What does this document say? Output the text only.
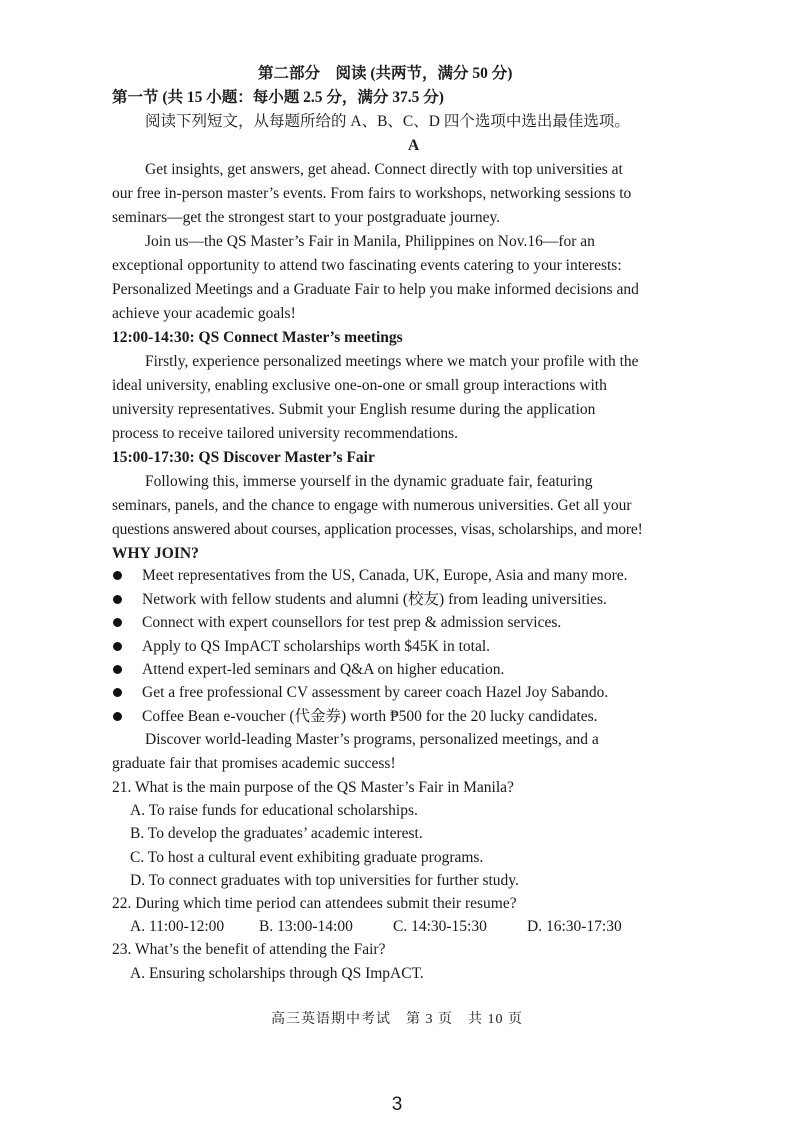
第二部分　阅读 (共两节，满分 50 分)
第一节 (共 15 小题：每小题 2.5 分，满分 37.5 分)
阅读下列短文，从每题所给的 A、B、C、D 四个选项中选出最佳选项。
A
Get insights, get answers, get ahead. Connect directly with top universities at
our free in-person master’s events. From fairs to workshops, networking sessions to
seminars—get the strongest start to your postgraduate journey.
Join us—the QS Master’s Fair in Manila, Philippines on Nov.16—for an
exceptional opportunity to attend two fascinating events catering to your interests:
Personalized Meetings and a Graduate Fair to help you make informed decisions and
achieve your academic goals!
12:00-14:30: QS Connect Master’s meetings
Firstly, experience personalized meetings where we match your profile with the
ideal university, enabling exclusive one-on-one or small group interactions with
university representatives. Submit your English resume during the application
process to receive tailored university recommendations.
15:00-17:30: QS Discover Master’s Fair
Following this, immerse yourself in the dynamic graduate fair, featuring
seminars, panels, and the chance to engage with numerous universities. Get all your
questions answered about courses, application processes, visas, scholarships, and more!
WHY JOIN?
Meet representatives from the US, Canada, UK, Europe, Asia and many more.
Network with fellow students and alumni (校友) from leading universities.
Connect with expert counsellors for test prep & admission services.
Apply to QS ImpACT scholarships worth $45K in total.
Attend expert-led seminars and Q&A on higher education.
Get a free professional CV assessment by career coach Hazel Joy Sabando.
Coffee Bean e-voucher (代金券) worth ₱500 for the 20 lucky candidates.
Discover world-leading Master’s programs, personalized meetings, and a
graduate fair that promises academic success!
21. What is the main purpose of the QS Master’s Fair in Manila?
A. To raise funds for educational scholarships.
B. To develop the graduates’ academic interest.
C. To host a cultural event exhibiting graduate programs.
D. To connect graduates with top universities for further study.
22. During which time period can attendees submit their resume?
A. 11:00-12:00 B. 13:00-14:00	C. 14:30-15:30	D. 16:30-17:30
23. What’s the benefit of attending the Fair?
A. Ensuring scholarships through QS ImpACT.
高三英语期中考试　第 3 页　共 10 页
3
